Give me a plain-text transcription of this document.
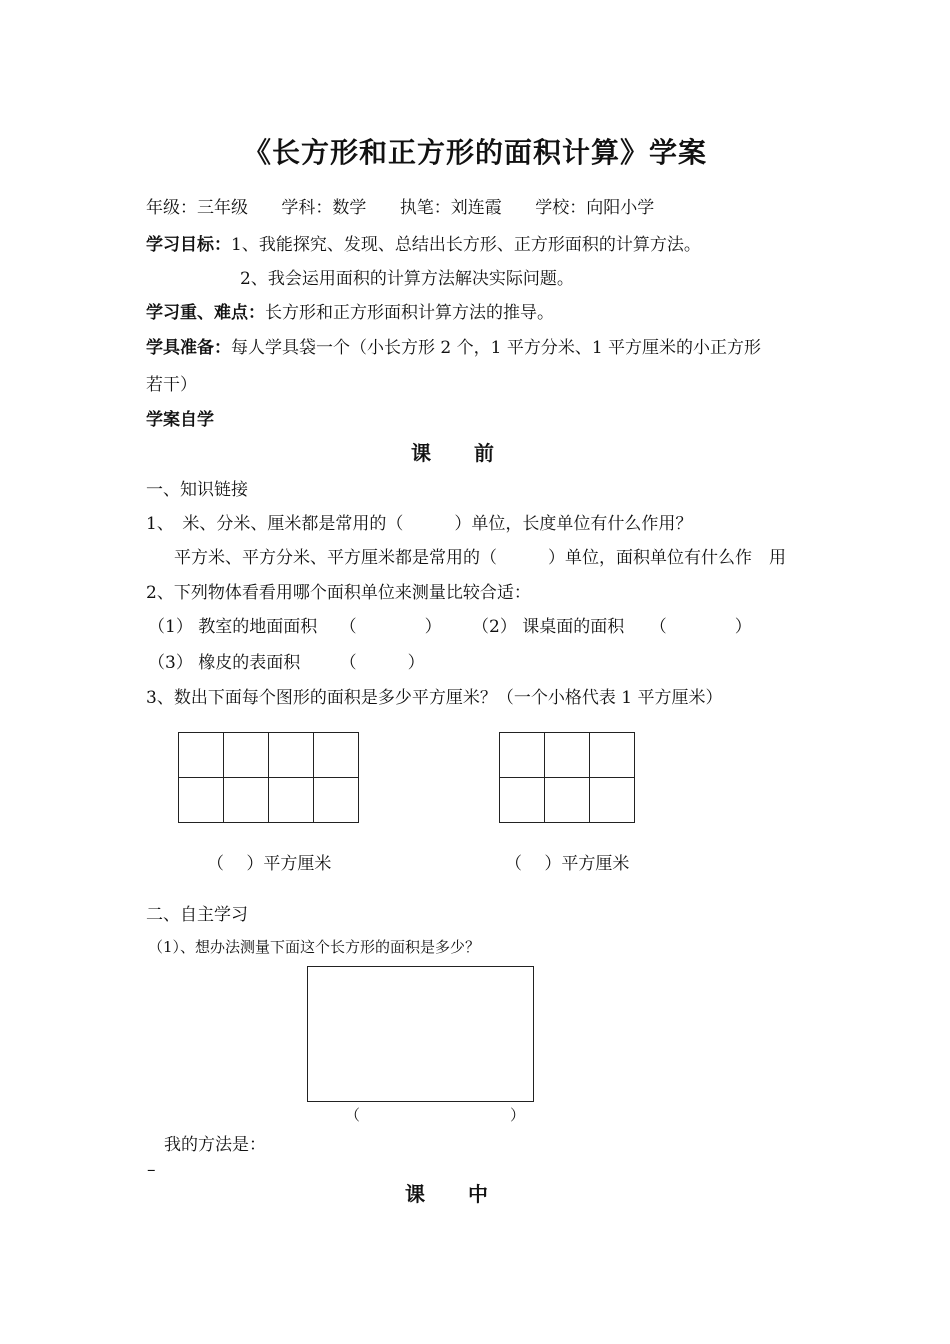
《长方形和正方形的面积计算》学案
年级：三年级 学科：数学 执笔：刘连霞 学校：向阳小学
学习目标：1、我能探究、发现、总结出长方形、正方形面积的计算方法。
2、我会运用面积的计算方法解决实际问题。
学习重、难点：长方形和正方形面积计算方法的推导。
学具准备：每人学具袋一个（小长方形 2 个，1 平方分米、1 平方厘米的小正方形
若干）
学案自学
课　　前
一、知识链接
1、　米、分米、厘米都是常用的（　　　）单位，长度单位有什么作用？
平方米、平方分米、平方厘米都是常用的（　　　）单位，面积单位有什么作　用
2、下列物体看看用哪个面积单位来测量比较合适：
（1） 教室的地面面积　 （　　　　） （2） 课桌面的面积　　（　　　　）
（3） 橡皮的表面积　　 （　　　）
3、数出下面每个图形的面积是多少平方厘米？（一个小格代表 1 平方厘米）

（　 ）平方厘米	（　 ）平方厘米
二、自主学习
（1）、想办法测量下面这个长方形的面积是多少？
（　　　　　　　　　　）
我的方法是：
–
课　　中
